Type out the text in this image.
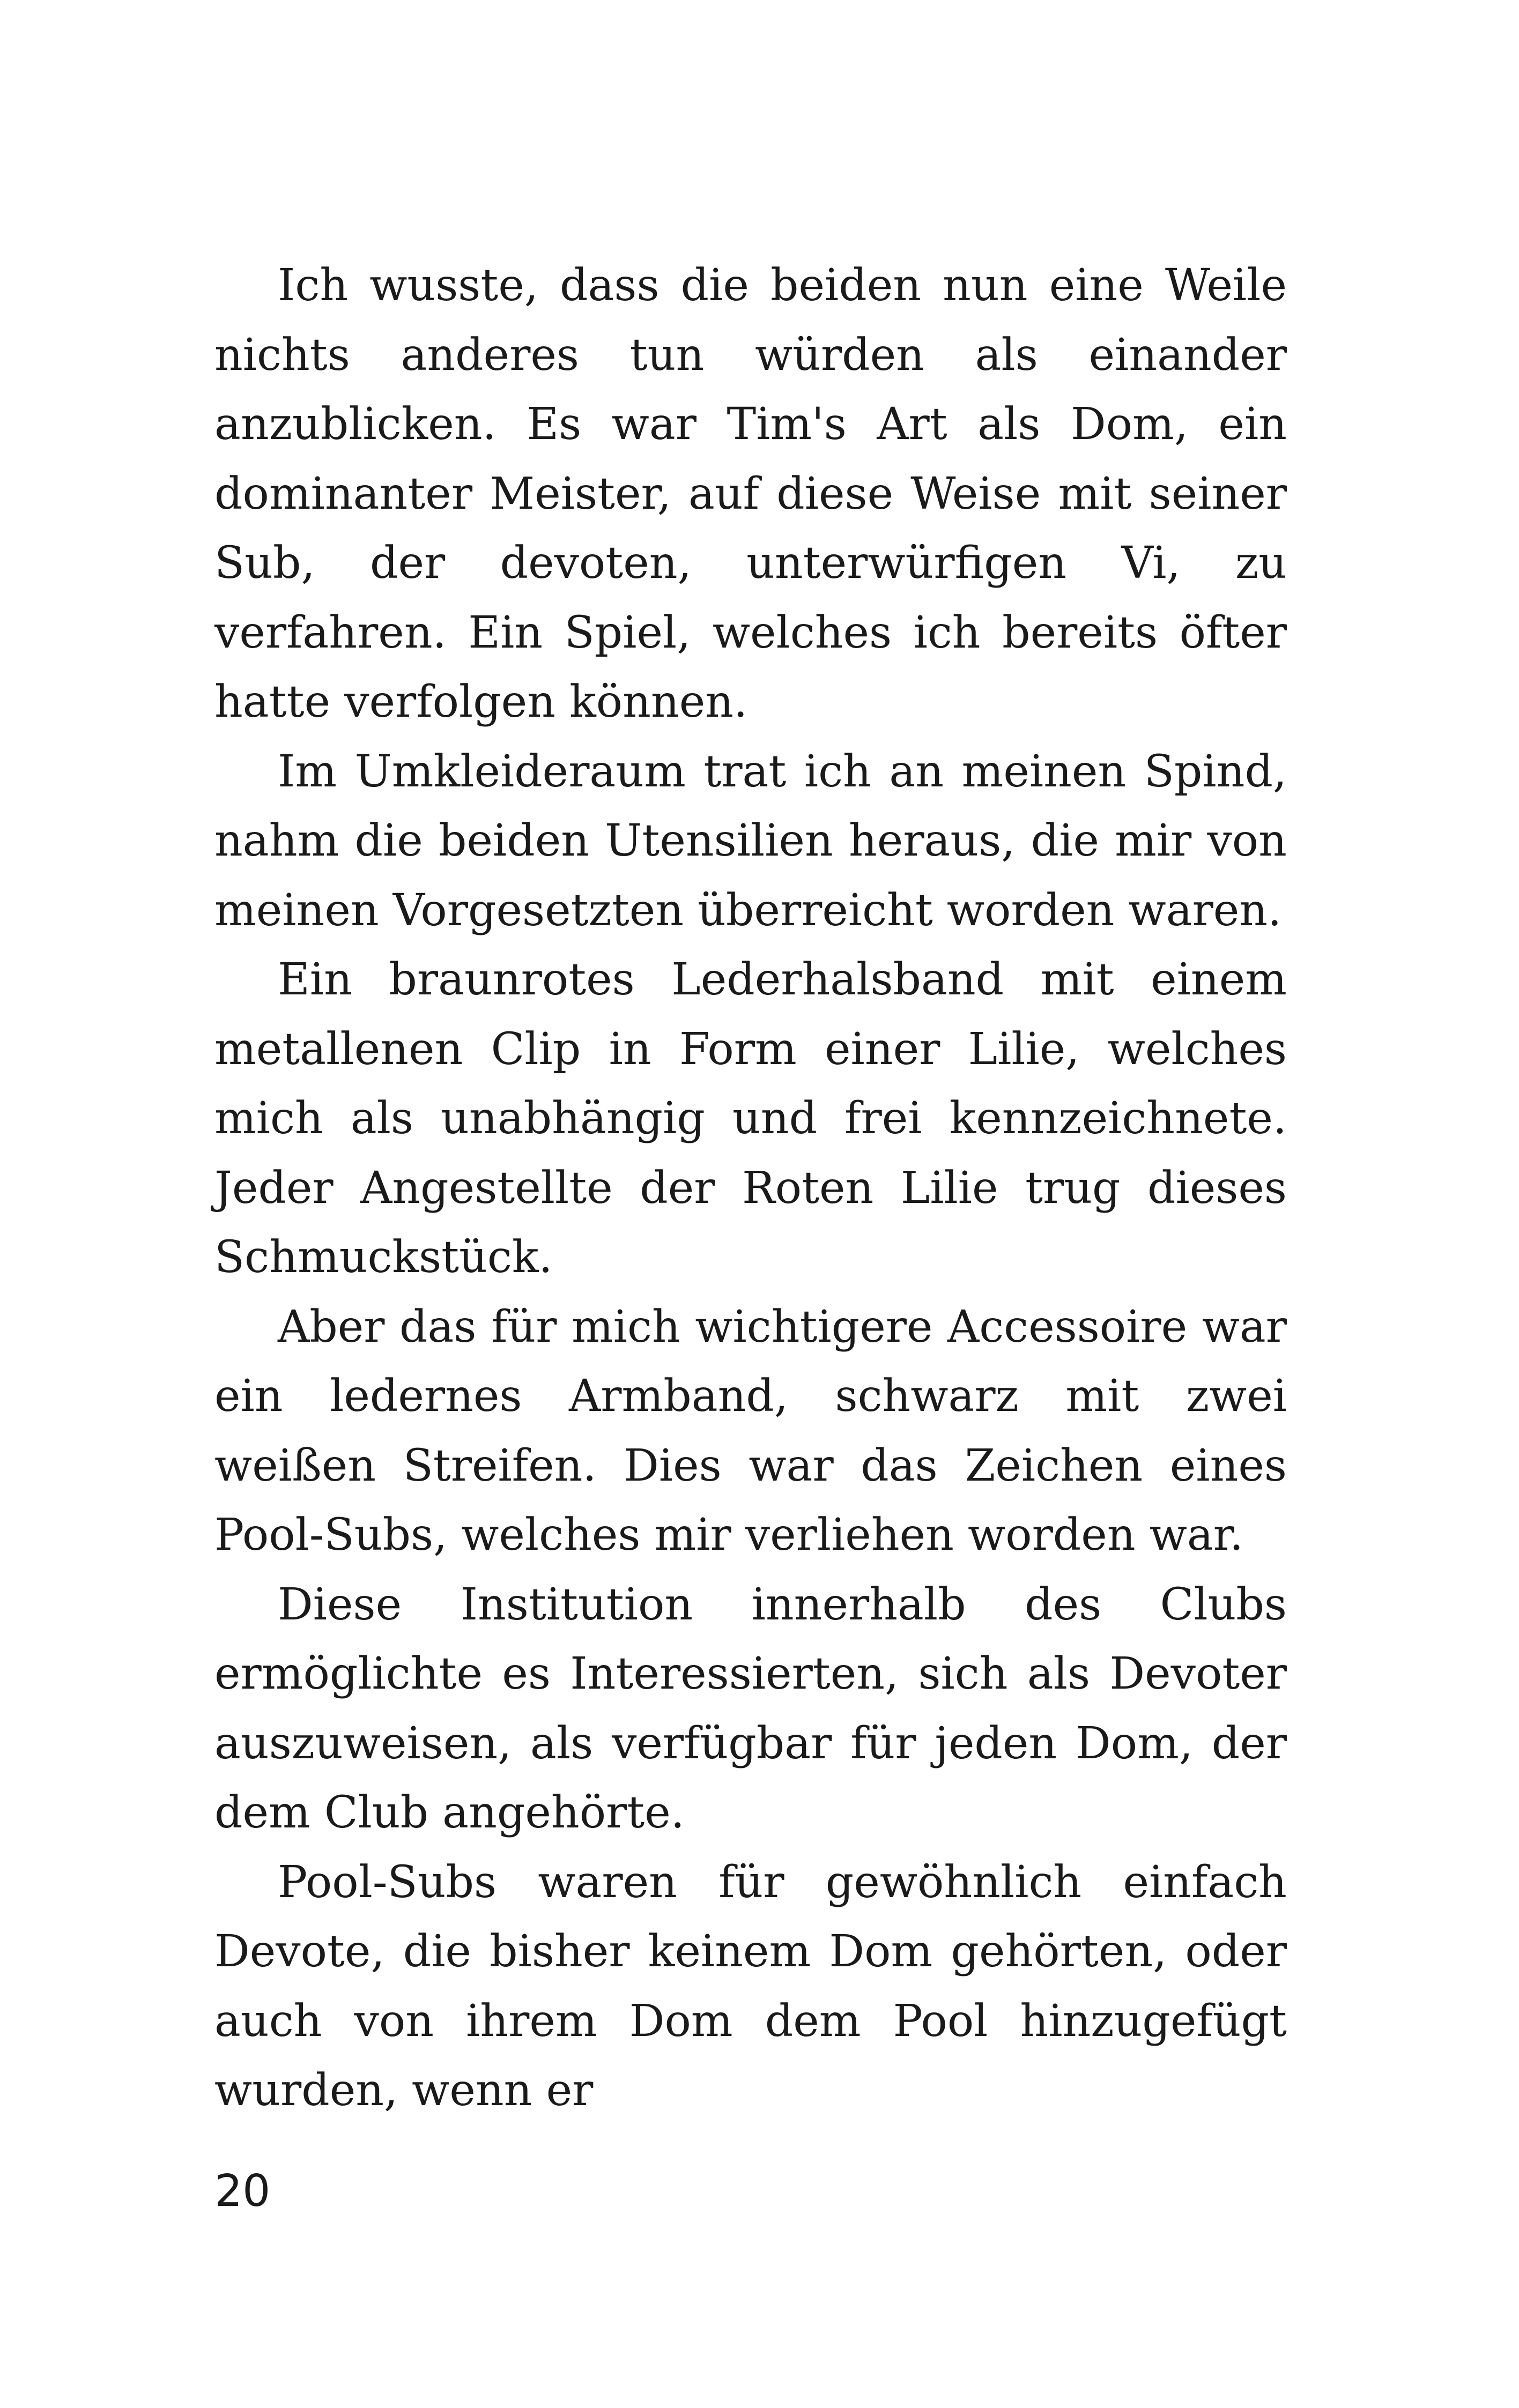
Ich wusste, dass die beiden nun eine Weile nichts anderes tun würden als einander anzublicken. Es war Tim's Art als Dom, ein dominanter Meister, auf diese Weise mit seiner Sub, der devoten, unterwürfigen Vi, zu verfahren. Ein Spiel, welches ich bereits öfter hatte verfolgen können.

Im Umkleideraum trat ich an meinen Spind, nahm die beiden Utensilien heraus, die mir von meinen Vorgesetzten überreicht worden waren.

Ein braunrotes Lederhalsband mit einem metallenen Clip in Form einer Lilie, welches mich als unabhängig und frei kennzeichnete. Jeder Angestellte der Roten Lilie trug dieses Schmuckstück.

Aber das für mich wichtigere Accessoire war ein ledernes Armband, schwarz mit zwei weißen Streifen. Dies war das Zeichen eines Pool-Subs, welches mir verliehen worden war.

Diese Institution innerhalb des Clubs ermöglichte es Interessierten, sich als Devoter auszuweisen, als verfügbar für jeden Dom, der dem Club angehörte.

Pool-Subs waren für gewöhnlich einfach Devote, die bisher keinem Dom gehörten, oder auch von ihrem Dom dem Pool hinzugefügt wurden, wenn er

20
